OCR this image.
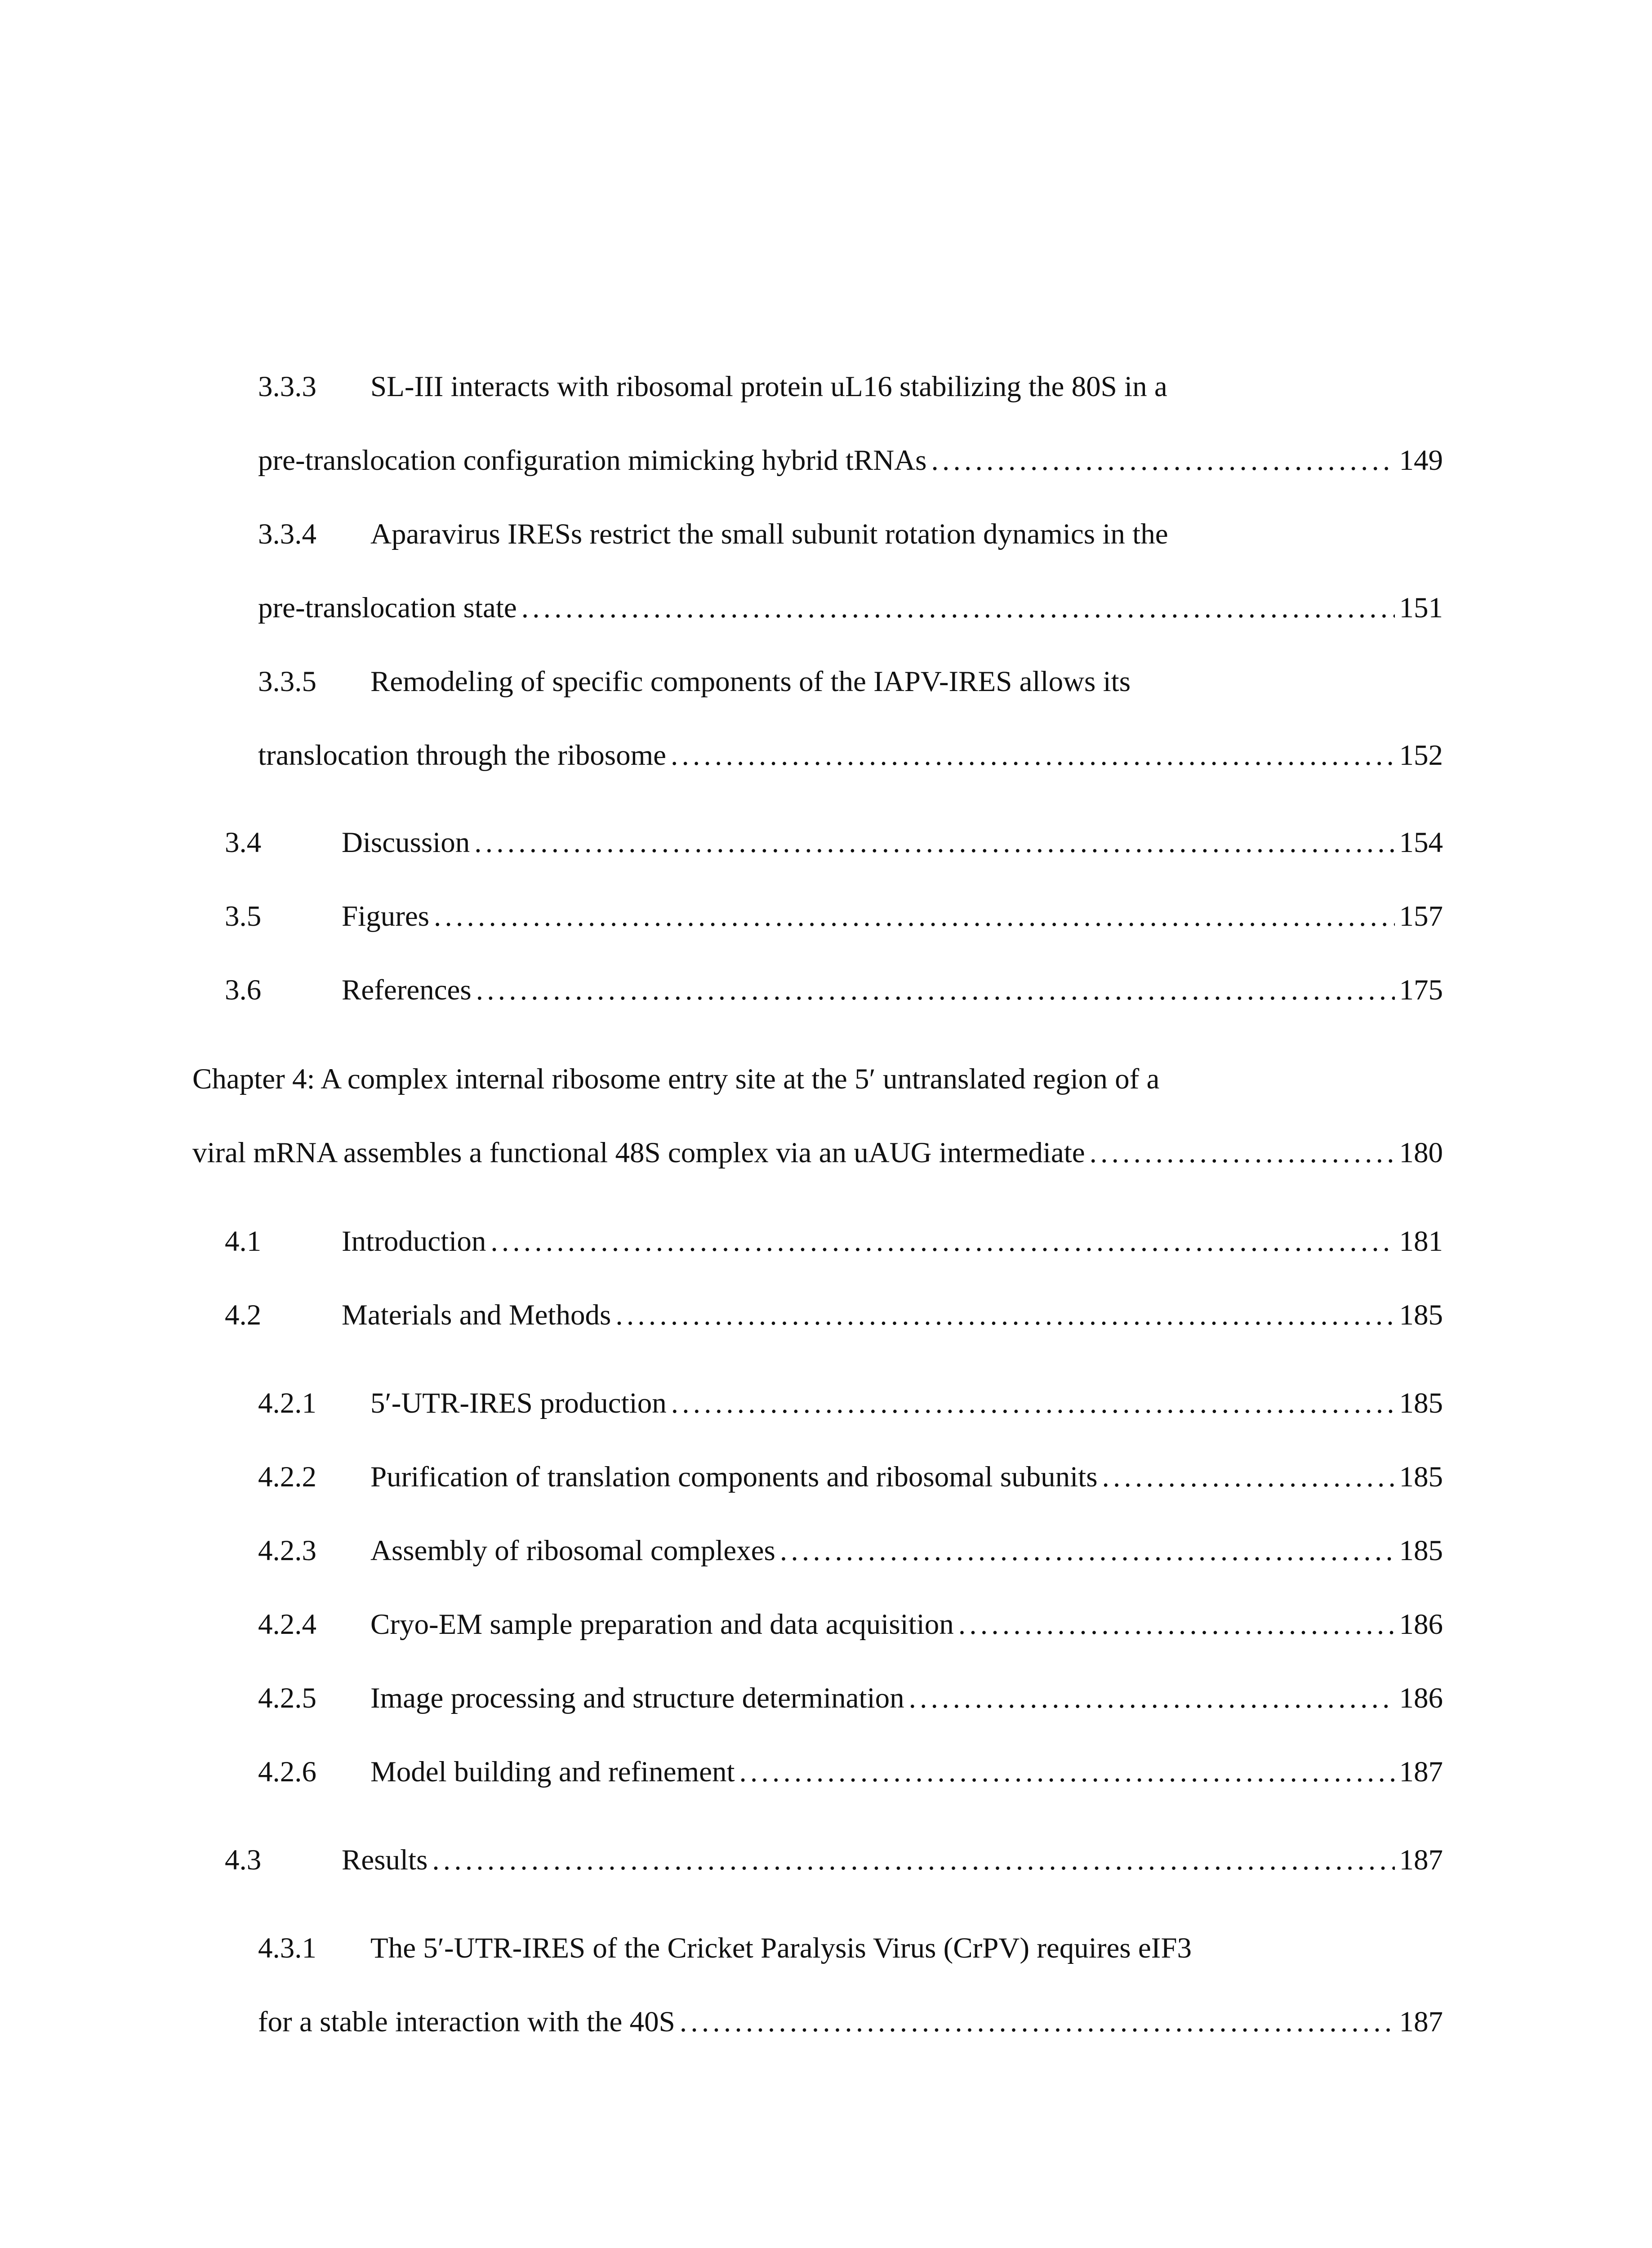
3.3.3	SL-III interacts with ribosomal protein uL16 stabilizing the 80S in a
pre-translocation configuration mimicking hybrid tRNAs . . .	149
3.3.4	Aparavirus IRESs restrict the small subunit rotation dynamics in the
pre-translocation state . . .	151
3.3.5	Remodeling of specific components of the IAPV-IRES allows its
translocation through the ribosome . . .	152
3.4	Discussion . . .	154
3.5	Figures . . .	157
3.6	References . . .	175
Chapter 4: A complex internal ribosome entry site at the 5′ untranslated region of a
viral mRNA assembles a functional 48S complex via an uAUG intermediate . . .	180
4.1	Introduction . . .	181
4.2	Materials and Methods . . .	185
4.2.1	5′-UTR-IRES production . . .	185
4.2.2	Purification of translation components and ribosomal subunits . . .	185
4.2.3	Assembly of ribosomal complexes . . .	185
4.2.4	Cryo-EM sample preparation and data acquisition . . .	186
4.2.5	Image processing and structure determination . . .	186
4.2.6	Model building and refinement . . .	187
4.3	Results . . .	187
4.3.1	The 5′-UTR-IRES of the Cricket Paralysis Virus (CrPV) requires eIF3
for a stable interaction with the 40S . . .	187
